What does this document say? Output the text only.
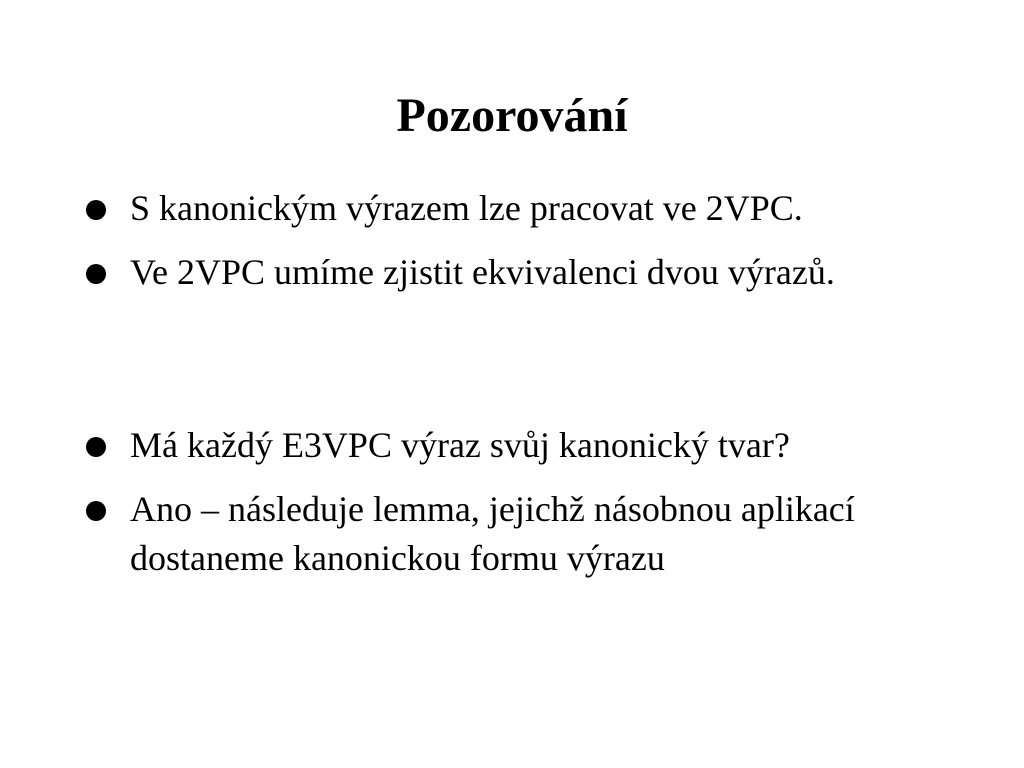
Pozorování

S kanonickým výrazem lze pracovat ve 2VPC.

Ve 2VPC umíme zjistit ekvivalenci dvou výrazů.

Má každý E3VPC výraz svůj kanonický tvar?

Ano – následuje lemma, jejichž násobnou aplikací dostaneme kanonickou formu výrazu
